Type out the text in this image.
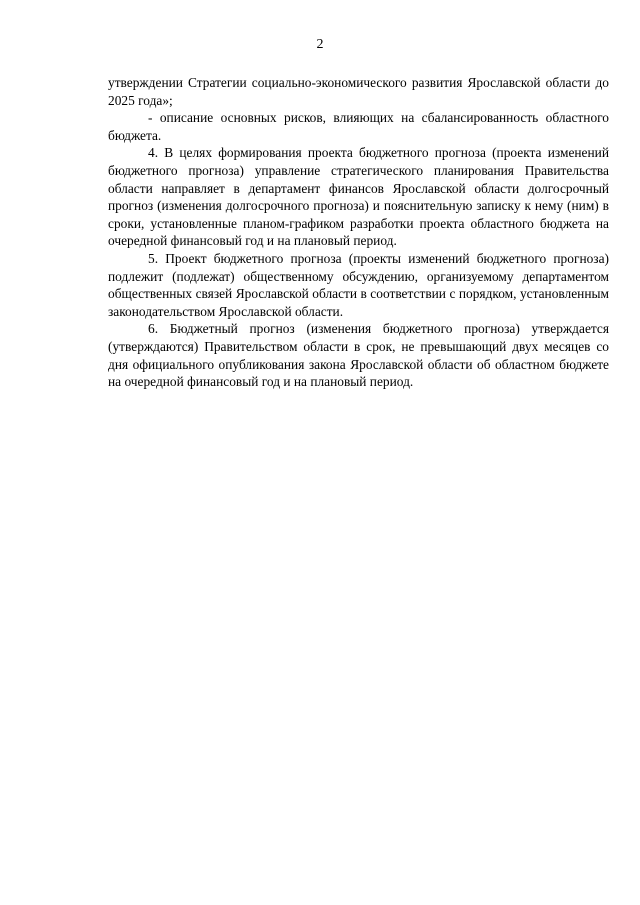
2

утверждении Стратегии социально-экономического развития Ярославской области до 2025 года»;

- описание основных рисков, влияющих на сбалансированность областного бюджета.

4. В целях формирования проекта бюджетного прогноза (проекта изменений бюджетного прогноза) управление стратегического планирования Правительства области направляет в департамент финансов Ярославской области долгосрочный прогноз (изменения долгосрочного прогноза) и пояснительную записку к нему (ним) в сроки, установленные планом-графиком разработки проекта областного бюджета на очередной финансовый год и на плановый период.

5. Проект бюджетного прогноза (проекты изменений бюджетного прогноза) подлежит (подлежат) общественному обсуждению, организуемому департаментом общественных связей Ярославской области в соответствии с порядком, установленным законодательством Ярославской области.

6. Бюджетный прогноз (изменения бюджетного прогноза) утверждается (утверждаются) Правительством области в срок, не превышающий двух месяцев со дня официального опубликования закона Ярославской области об областном бюджете на очередной финансовый год и на плановый период.
